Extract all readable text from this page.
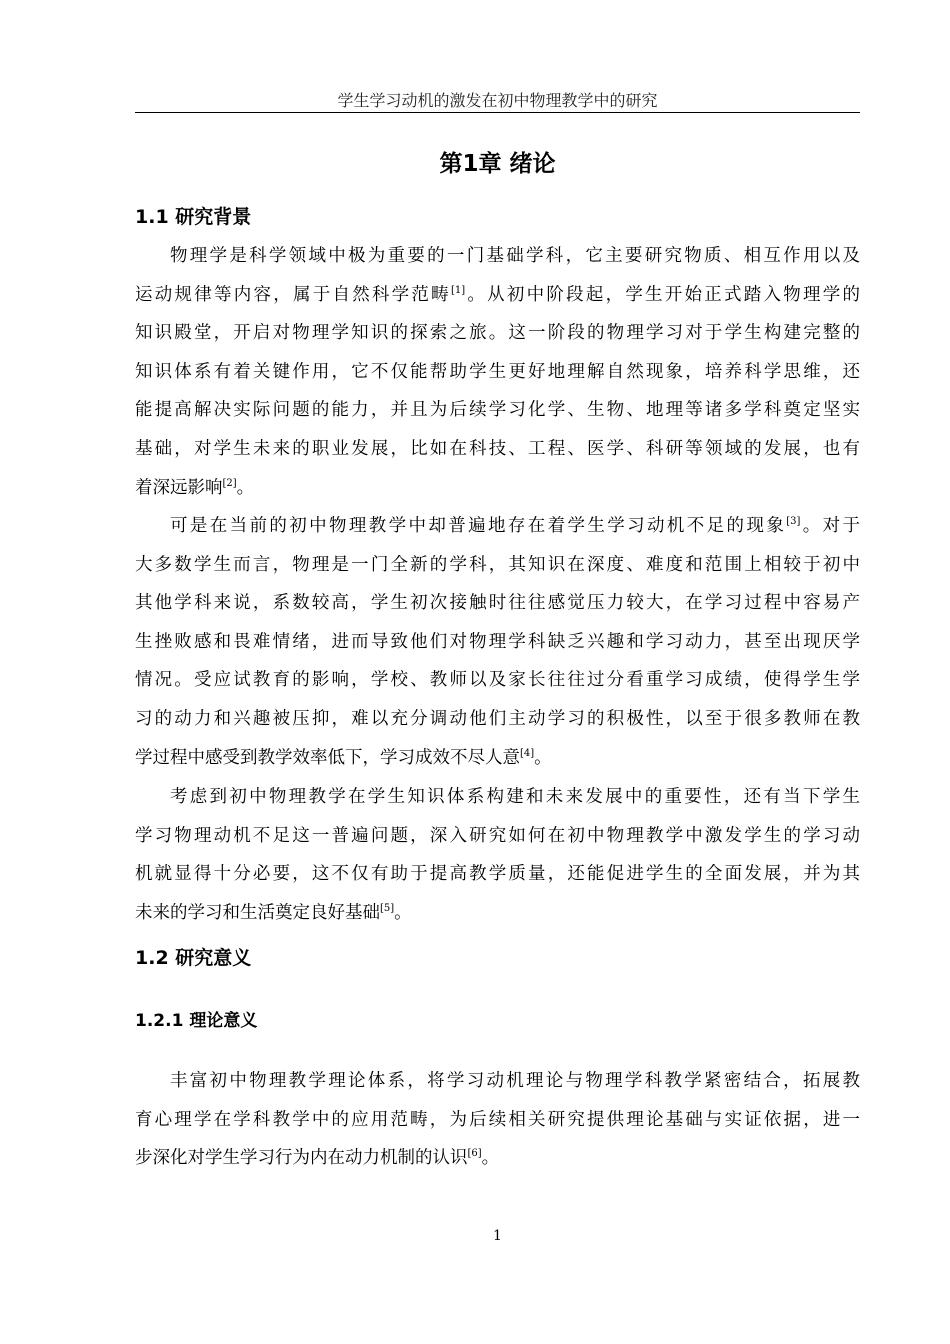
学生学习动机的激发在初中物理教学中的研究
第1章 绪论
1.1 研究背景

物理学是科学领域中极为重要的一门基础学科，它主要研究物质、相互作用以及
运动规律等内容，属于自然科学范畴[1]。从初中阶段起，学生开始正式踏入物理学的
知识殿堂，开启对物理学知识的探索之旅。这一阶段的物理学习对于学生构建完整的
知识体系有着关键作用，它不仅能帮助学生更好地理解自然现象，培养科学思维，还
能提高解决实际问题的能力，并且为后续学习化学、生物、地理等诸多学科奠定坚实
基础，对学生未来的职业发展，比如在科技、工程、医学、科研等领域的发展，也有
着深远影响[2]。

可是在当前的初中物理教学中却普遍地存在着学生学习动机不足的现象[3]。对于
大多数学生而言，物理是一门全新的学科，其知识在深度、难度和范围上相较于初中
其他学科来说，系数较高，学生初次接触时往往感觉压力较大，在学习过程中容易产
生挫败感和畏难情绪，进而导致他们对物理学科缺乏兴趣和学习动力，甚至出现厌学
情况。受应试教育的影响，学校、教师以及家长往往过分看重学习成绩，使得学生学
习的动力和兴趣被压抑，难以充分调动他们主动学习的积极性，以至于很多教师在教
学过程中感受到教学效率低下，学习成效不尽人意[4]。

考虑到初中物理教学在学生知识体系构建和未来发展中的重要性，还有当下学生
学习物理动机不足这一普遍问题，深入研究如何在初中物理教学中激发学生的学习动
机就显得十分必要，这不仅有助于提高教学质量，还能促进学生的全面发展，并为其
未来的学习和生活奠定良好基础[5]。

1.2 研究意义
1.2.1 理论意义

丰富初中物理教学理论体系，将学习动机理论与物理学科教学紧密结合，拓展教
育心理学在学科教学中的应用范畴，为后续相关研究提供理论基础与实证依据，进一
步深化对学生学习行为内在动力机制的认识[6]。

1
